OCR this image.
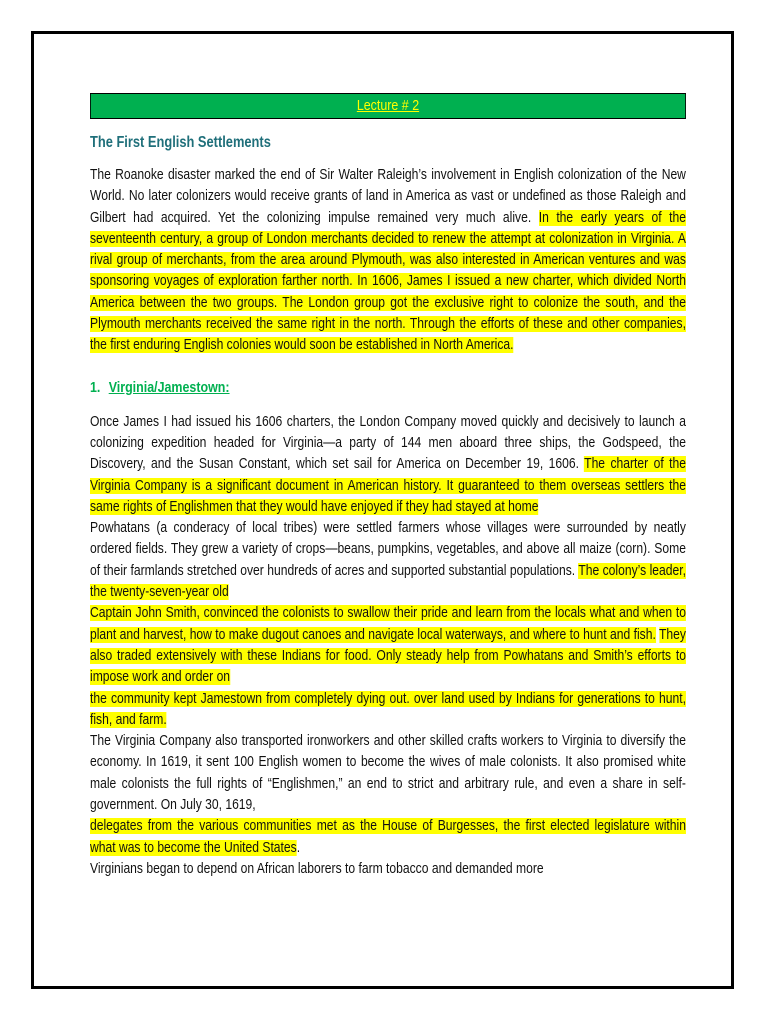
Lecture # 2
The First English Settlements

The Roanoke disaster marked the end of Sir Walter Raleigh’s involvement in English colonization of the New World. No later colonizers would receive grants of land in America as vast or undefined as those Raleigh and Gilbert had acquired. Yet the colonizing impulse remained very much alive. In the early years of the seventeenth century, a group of London merchants decided to renew the attempt at colonization in Virginia. A rival group of merchants, from the area around Plymouth, was also interested in American ventures and was sponsoring voyages of exploration farther north. In 1606, James I issued a new charter, which divided North America between the two groups. The London group got the exclusive right to colonize the south, and the Plymouth merchants received the same right in the north. Through the efforts of these and other companies, the first enduring English colonies would soon be established in North America.

1. Virginia/Jamestown:

Once James I had issued his 1606 charters, the London Company moved quickly and decisively to launch a colonizing expedition headed for Virginia—a party of 144 men aboard three ships, the Godspeed, the Discovery, and the Susan Constant, which set sail for America on December 19, 1606. The charter of the Virginia Company is a significant document in American history. It guaranteed to them overseas settlers the same rights of Englishmen that they would have enjoyed if they had stayed at home

Powhatans (a conderacy of local tribes) were settled farmers whose villages were surrounded by neatly ordered fields. They grew a variety of crops—beans, pumpkins, vegetables, and above all maize (corn). Some of their farmlands stretched over hundreds of acres and supported substantial populations. The colony’s leader, the twenty-seven-year old

Captain John Smith, convinced the colonists to swallow their pride and learn from the locals what and when to plant and harvest, how to make dugout canoes and navigate local waterways, and where to hunt and fish. They also traded extensively with these Indians for food. Only steady help from Powhatans and Smith’s efforts to impose work and order on

the community kept Jamestown from completely dying out. over land used by Indians for generations to hunt, fish, and farm.

The Virginia Company also transported ironworkers and other skilled crafts workers to Virginia to diversify the economy. In 1619, it sent 100 English women to become the wives of male colonists. It also promised white male colonists the full rights of “Englishmen,” an end to strict and arbitrary rule, and even a share in self-government. On July 30, 1619,

delegates from the various communities met as the House of Burgesses, the first elected legislature within what was to become the United States.

Virginians began to depend on African laborers to farm tobacco and demanded more
